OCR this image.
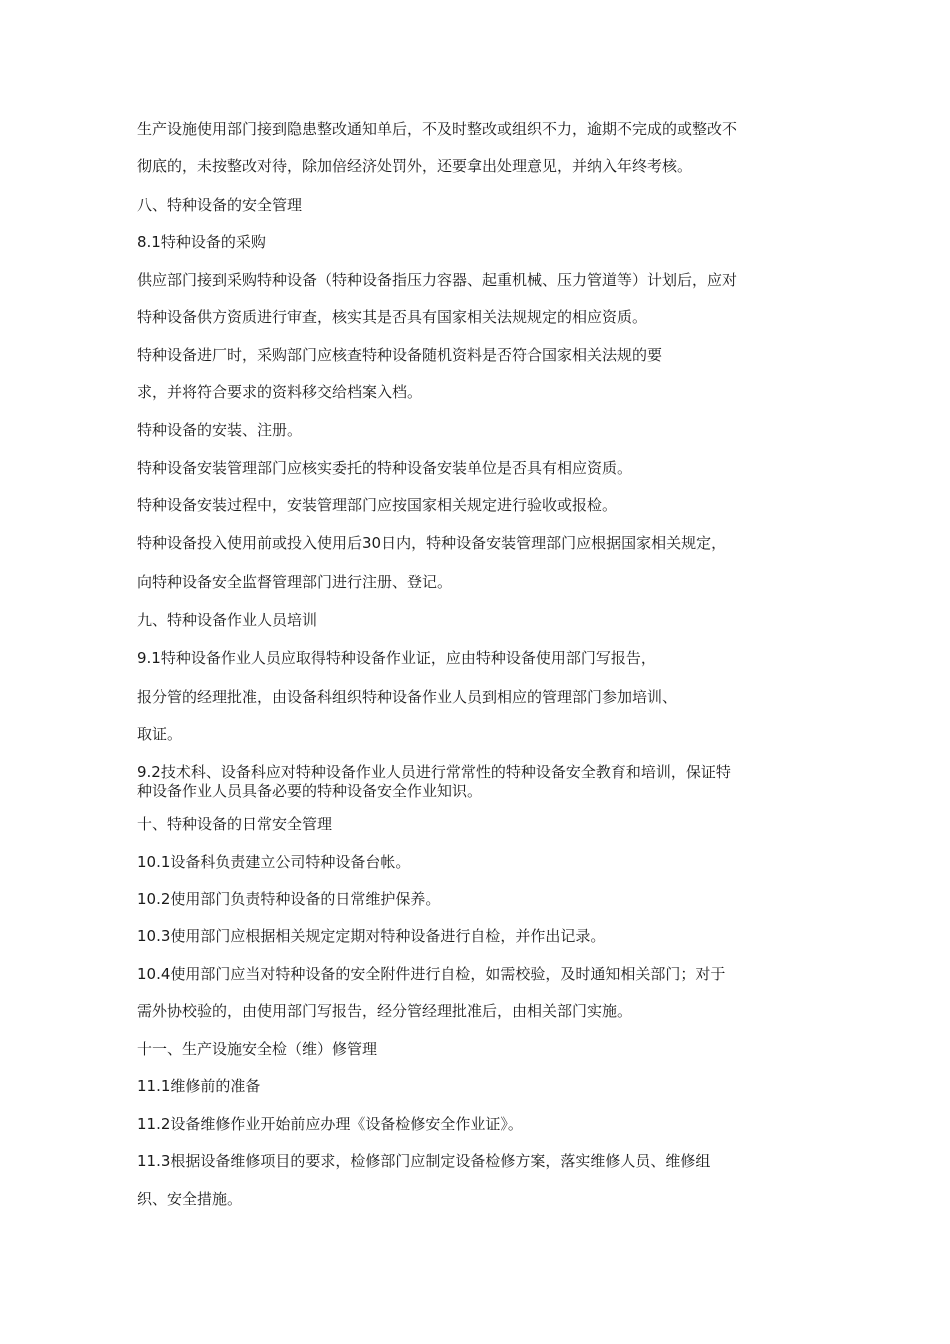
生产设施使用部门接到隐患整改通知单后，不及时整改或组织不力，逾期不完成的或整改不
彻底的，未按整改对待，除加倍经济处罚外，还要拿出处理意见，并纳入年终考核。
八、特种设备的安全管理
8.1特种设备的采购
供应部门接到采购特种设备（特种设备指压力容器、起重机械、压力管道等）计划后，应对
特种设备供方资质进行审查，核实其是否具有国家相关法规规定的相应资质。
特种设备进厂时，采购部门应核查特种设备随机资料是否符合国家相关法规的要
求，并将符合要求的资料移交给档案入档。
特种设备的安装、注册。
特种设备安装管理部门应核实委托的特种设备安装单位是否具有相应资质。
特种设备安装过程中，安装管理部门应按国家相关规定进行验收或报检。
特种设备投入使用前或投入使用后30日内，特种设备安装管理部门应根据国家相关规定，
向特种设备安全监督管理部门进行注册、登记。
九、特种设备作业人员培训
9.1特种设备作业人员应取得特种设备作业证，应由特种设备使用部门写报告，
报分管的经理批准，由设备科组织特种设备作业人员到相应的管理部门参加培训、
取证。
9.2技术科、设备科应对特种设备作业人员进行常常性的特种设备安全教育和培训，保证特
种设备作业人员具备必要的特种设备安全作业知识。
十、特种设备的日常安全管理
10.1设备科负责建立公司特种设备台帐。
10.2使用部门负责特种设备的日常维护保养。
10.3使用部门应根据相关规定定期对特种设备进行自检，并作出记录。
10.4使用部门应当对特种设备的安全附件进行自检，如需校验，及时通知相关部门；对于
需外协校验的，由使用部门写报告，经分管经理批准后，由相关部门实施。
十一、生产设施安全检（维）修管理
11.1维修前的准备
11.2设备维修作业开始前应办理《设备检修安全作业证》。
11.3根据设备维修项目的要求，检修部门应制定设备检修方案，落实维修人员、维修组
织、安全措施。
